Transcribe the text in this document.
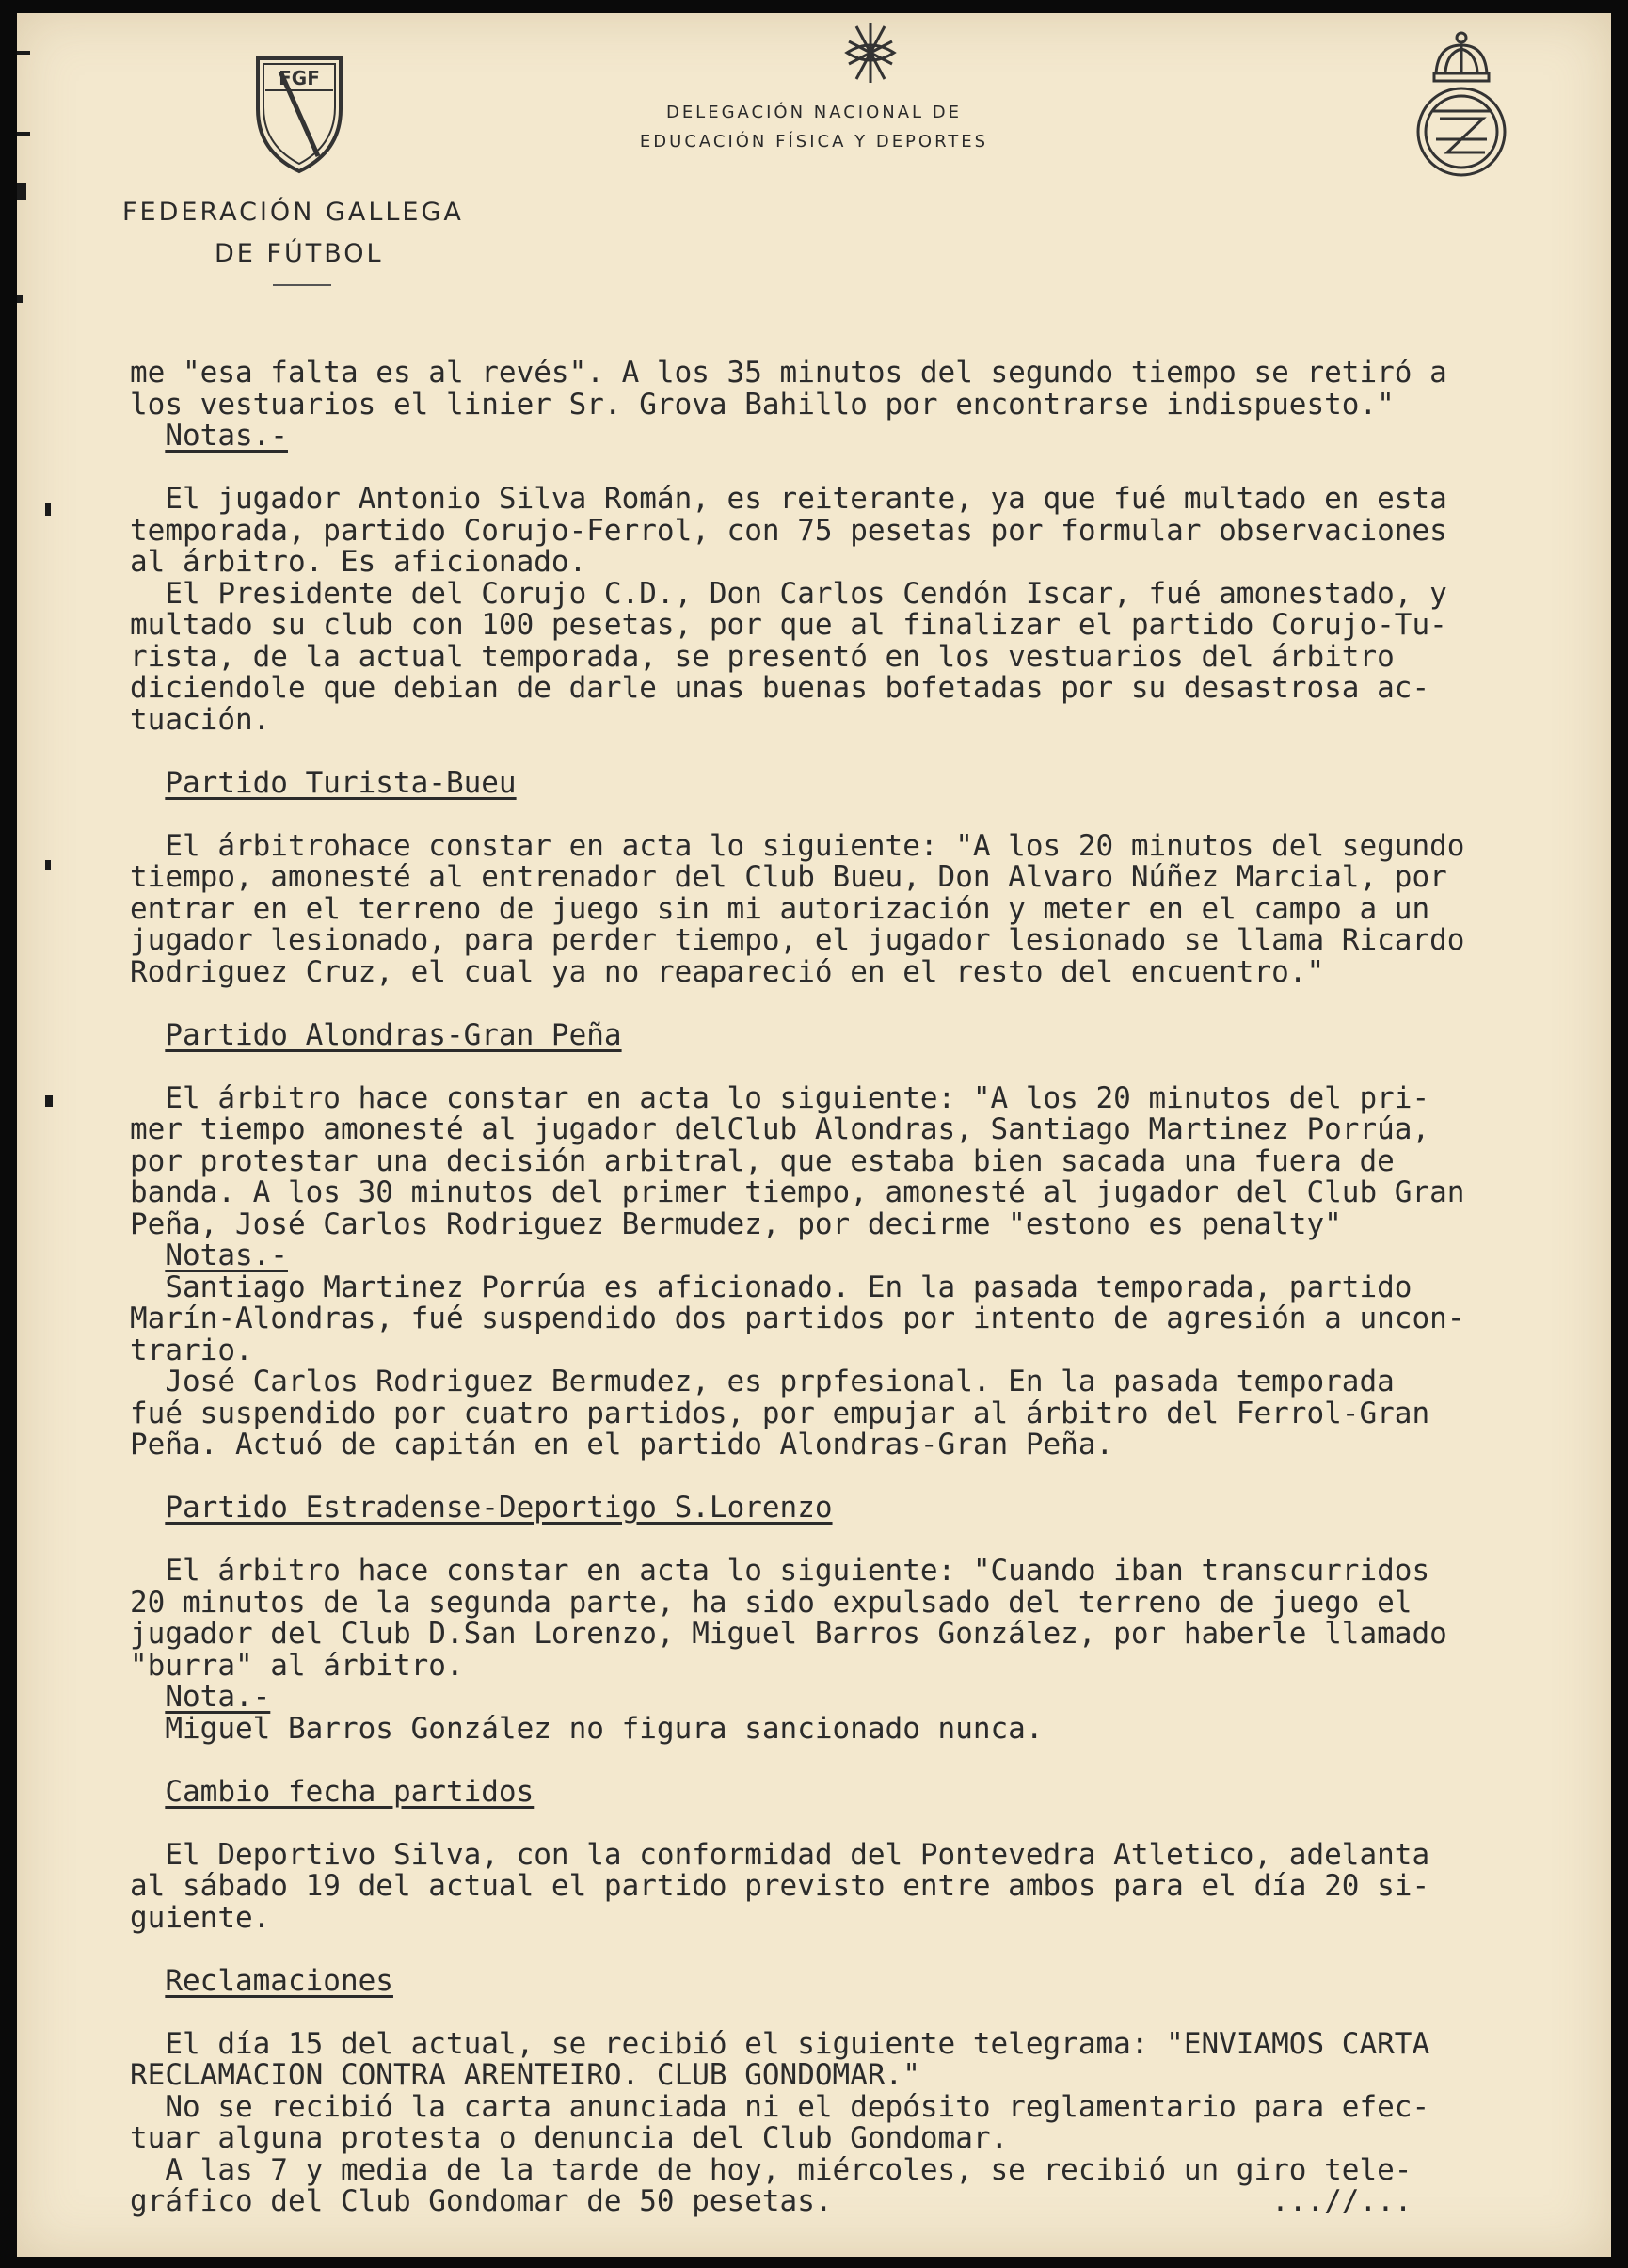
FGF
DELEGACIÓN NACIONAL DE
EDUCACIÓN FÍSICA Y DEPORTES
FEDERACIÓN GALLEGA
DE FÚTBOL
me "esa falta es al revés". A los 35 minutos del segundo tiempo se retiró a
los vestuarios el linier Sr. Grova Bahillo por encontrarse indispuesto."
Notas.-
El jugador Antonio Silva Román, es reiterante, ya que fué multado en esta
temporada, partido Corujo-Ferrol, con 75 pesetas por formular observaciones
al árbitro. Es aficionado.
El Presidente del Corujo C.D., Don Carlos Cendón Iscar, fué amonestado, y
multado su club con 100 pesetas, por que al finalizar el partido Corujo-Tu-
rista, de la actual temporada, se presentó en los vestuarios del árbitro
diciendole que debian de darle unas buenas bofetadas por su desastrosa ac-
tuación.
Partido Turista-Bueu
El árbitrohace constar en acta lo siguiente: "A los 20 minutos del segundo
tiempo, amonesté al entrenador del Club Bueu, Don Alvaro Núñez Marcial, por
entrar en el terreno de juego sin mi autorización y meter en el campo a un
jugador lesionado, para perder tiempo, el jugador lesionado se llama Ricardo
Rodriguez Cruz, el cual ya no reapareció en el resto del encuentro."
Partido Alondras-Gran Peña
El árbitro hace constar en acta lo siguiente: "A los 20 minutos del pri-
mer tiempo amonesté al jugador delClub Alondras, Santiago Martinez Porrúa,
por protestar una decisión arbitral, que estaba bien sacada una fuera de
banda. A los 30 minutos del primer tiempo, amonesté al jugador del Club Gran
Peña, José Carlos Rodriguez Bermudez, por decirme "estono es penalty"
Notas.-
Santiago Martinez Porrúa es aficionado. En la pasada temporada, partido
Marín-Alondras, fué suspendido dos partidos por intento de agresión a uncon-
trario.
José Carlos Rodriguez Bermudez, es prpfesional. En la pasada temporada
fué suspendido por cuatro partidos, por empujar al árbitro del Ferrol-Gran
Peña. Actuó de capitán en el partido Alondras-Gran Peña.
Partido Estradense-Deportigo S.Lorenzo
El árbitro hace constar en acta lo siguiente: "Cuando iban transcurridos
20 minutos de la segunda parte, ha sido expulsado del terreno de juego el
jugador del Club D.San Lorenzo, Miguel Barros González, por haberle llamado
"burra" al árbitro.
Nota.-
Miguel Barros González no figura sancionado nunca.
Cambio fecha partidos
El Deportivo Silva, con la conformidad del Pontevedra Atletico, adelanta
al sábado 19 del actual el partido previsto entre ambos para el día 20 si-
guiente.
Reclamaciones
El día 15 del actual, se recibió el siguiente telegrama: "ENVIAMOS CARTA
RECLAMACION CONTRA ARENTEIRO. CLUB GONDOMAR."
No se recibió la carta anunciada ni el depósito reglamentario para efec-
tuar alguna protesta o denuncia del Club Gondomar.
A las 7 y media de la tarde de hoy, miércoles, se recibió un giro tele-
gráfico del Club Gondomar de 50 pesetas.                         ...//...
